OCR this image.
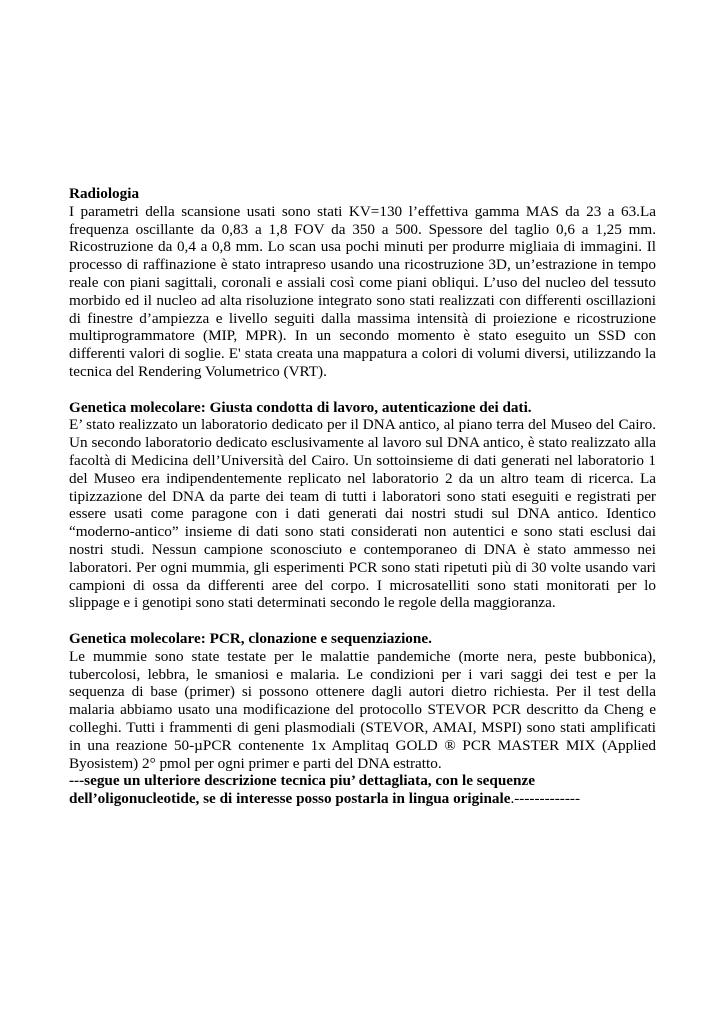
Radiologia

I parametri della scansione usati sono stati KV=130 l’effettiva gamma MAS da 23 a 63.La frequenza oscillante da 0,83 a 1,8 FOV da 350 a 500. Spessore del taglio 0,6 a 1,25 mm. Ricostruzione da 0,4 a 0,8 mm. Lo scan usa pochi minuti per produrre migliaia di immagini. Il processo di raffinazione è stato intrapreso usando una ricostruzione 3D, un’estrazione in tempo reale con piani sagittali, coronali e assiali così come piani obliqui. L’uso del nucleo del tessuto morbido ed il nucleo ad alta risoluzione integrato sono stati realizzati con differenti oscillazioni di finestre d’ampiezza e livello seguiti dalla massima intensità di proiezione e ricostruzione multiprogrammatore (MIP, MPR). In un secondo momento è stato eseguito un SSD con differenti valori di soglie. E' stata creata una mappatura a colori di volumi diversi, utilizzando la tecnica del Rendering Volumetrico (VRT).

Genetica molecolare: Giusta condotta di lavoro, autenticazione dei dati.

E’ stato realizzato un laboratorio dedicato per il DNA antico, al piano terra del Museo del Cairo. Un secondo laboratorio dedicato esclusivamente al lavoro sul DNA antico, è stato realizzato alla facoltà di Medicina dell’Università del Cairo. Un sottoinsieme di dati generati nel laboratorio 1 del Museo era indipendentemente replicato nel laboratorio 2 da un altro team di ricerca. La tipizzazione del DNA da parte dei team di tutti i laboratori sono stati eseguiti e registrati per essere usati come paragone con i dati generati dai nostri studi sul DNA antico. Identico “moderno-antico” insieme di dati sono stati considerati non autentici e sono stati esclusi dai nostri studi. Nessun campione sconosciuto e contemporaneo di DNA è stato ammesso nei laboratori. Per ogni mummia, gli esperimenti PCR sono stati ripetuti più di 30 volte usando vari campioni di ossa da differenti aree del corpo. I microsatelliti sono stati monitorati per lo slippage e i genotipi sono stati determinati secondo le regole della maggioranza.

Genetica molecolare: PCR, clonazione e sequenziazione.

Le mummie sono state testate per le malattie pandemiche (morte nera, peste bubbonica), tubercolosi, lebbra, le smaniosi e malaria. Le condizioni per i vari saggi dei test e per la sequenza di base (primer) si possono ottenere dagli autori dietro richiesta. Per il test della malaria abbiamo usato una modificazione del protocollo STEVOR PCR descritto da Cheng e colleghi. Tutti i frammenti di geni plasmodiali (STEVOR, AMAI, MSPI) sono stati amplificati in una reazione 50-µPCR contenente 1x Amplitaq GOLD ® PCR MASTER MIX (Applied Byosistem) 2° pmol per ogni primer e parti del DNA estratto.

---segue un ulteriore descrizione tecnica piu’ dettagliata, con le sequenze dell’oligonucleotide, se di interesse posso postarla in lingua originale.-------------
